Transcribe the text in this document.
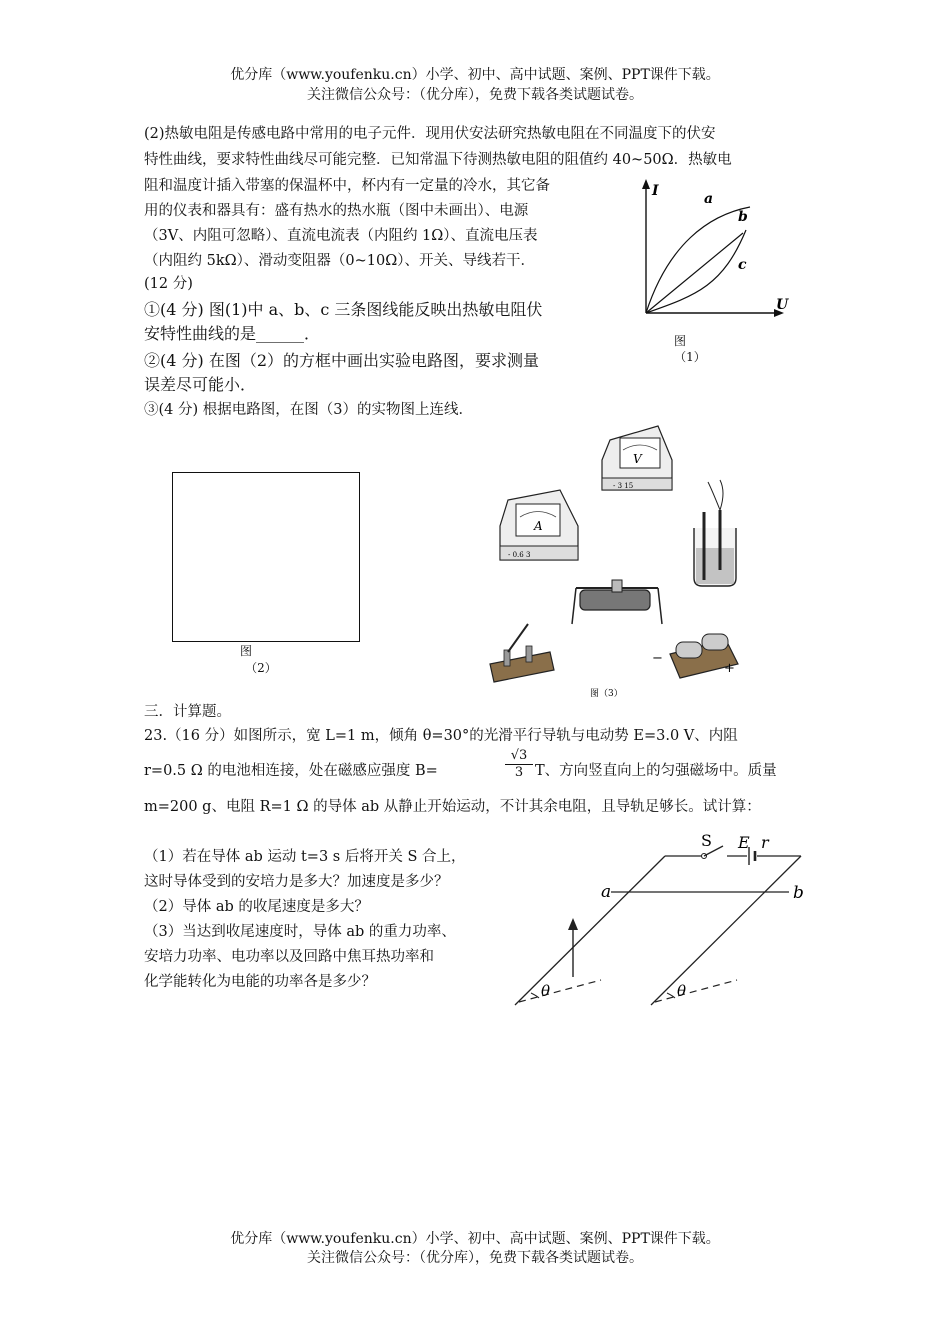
优分库（www.youfenku.cn）小学、初中、高中试题、案例、PPT课件下载。
关注微信公众号：（优分库），免费下载各类试题试卷。
(2)热敏电阻是传感电路中常用的电子元件．现用伏安法研究热敏电阻在不同温度下的伏安
特性曲线，要求特性曲线尽可能完整．已知常温下待测热敏电阻的阻值约 40~50Ω．热敏电
阻和温度计插入带塞的保温杯中，杯内有一定量的冷水，其它备
用的仪表和器具有：盛有热水的热水瓶（图中未画出）、电源
（3V、内阻可忽略）、直流电流表（内阻约 1Ω）、直流电压表
（内阻约 5kΩ）、滑动变阻器（0~10Ω）、开关、导线若干．
(12 分)
①(4 分) 图(1)中 a、b、c 三条图线能反映出热敏电阻伏
安特性曲线的是______．
②(4 分) 在图（2）的方框中画出实验电路图，要求测量
误差尽可能小．
③(4 分) 根据电路图，在图（3）的实物图上连线．
I
U
a
b
c
图
（1）
图
（2）
V
- 3 15
A
- 0.6 3
−
+
图（3）
三．计算题。
23.（16 分）如图所示，宽 L=1 m，倾角 θ=30°的光滑平行导轨与电动势 E=3.0 V、内阻
r=0.5 Ω 的电池相连接，处在磁感应强度 B=	$\frac{√3}{3}$ T、方向竖直向上的匀强磁场中。质量
m=200 g、电阻 R=1 Ω 的导体 ab 从静止开始运动，不计其余电阻，且导轨足够长。试计算：
（1）若在导体 ab 运动 t=3 s 后将开关 S 合上，
这时导体受到的安培力是多大？加速度是多少？
（2）导体 ab 的收尾速度是多大？
（3）当达到收尾速度时，导体 ab 的重力功率、
安培力功率、电功率以及回路中焦耳热功率和
化学能转化为电能的功率各是多少？
S E r
a	b
θ	θ
优分库（www.youfenku.cn）小学、初中、高中试题、案例、PPT课件下载。
关注微信公众号：（优分库），免费下载各类试题试卷。
